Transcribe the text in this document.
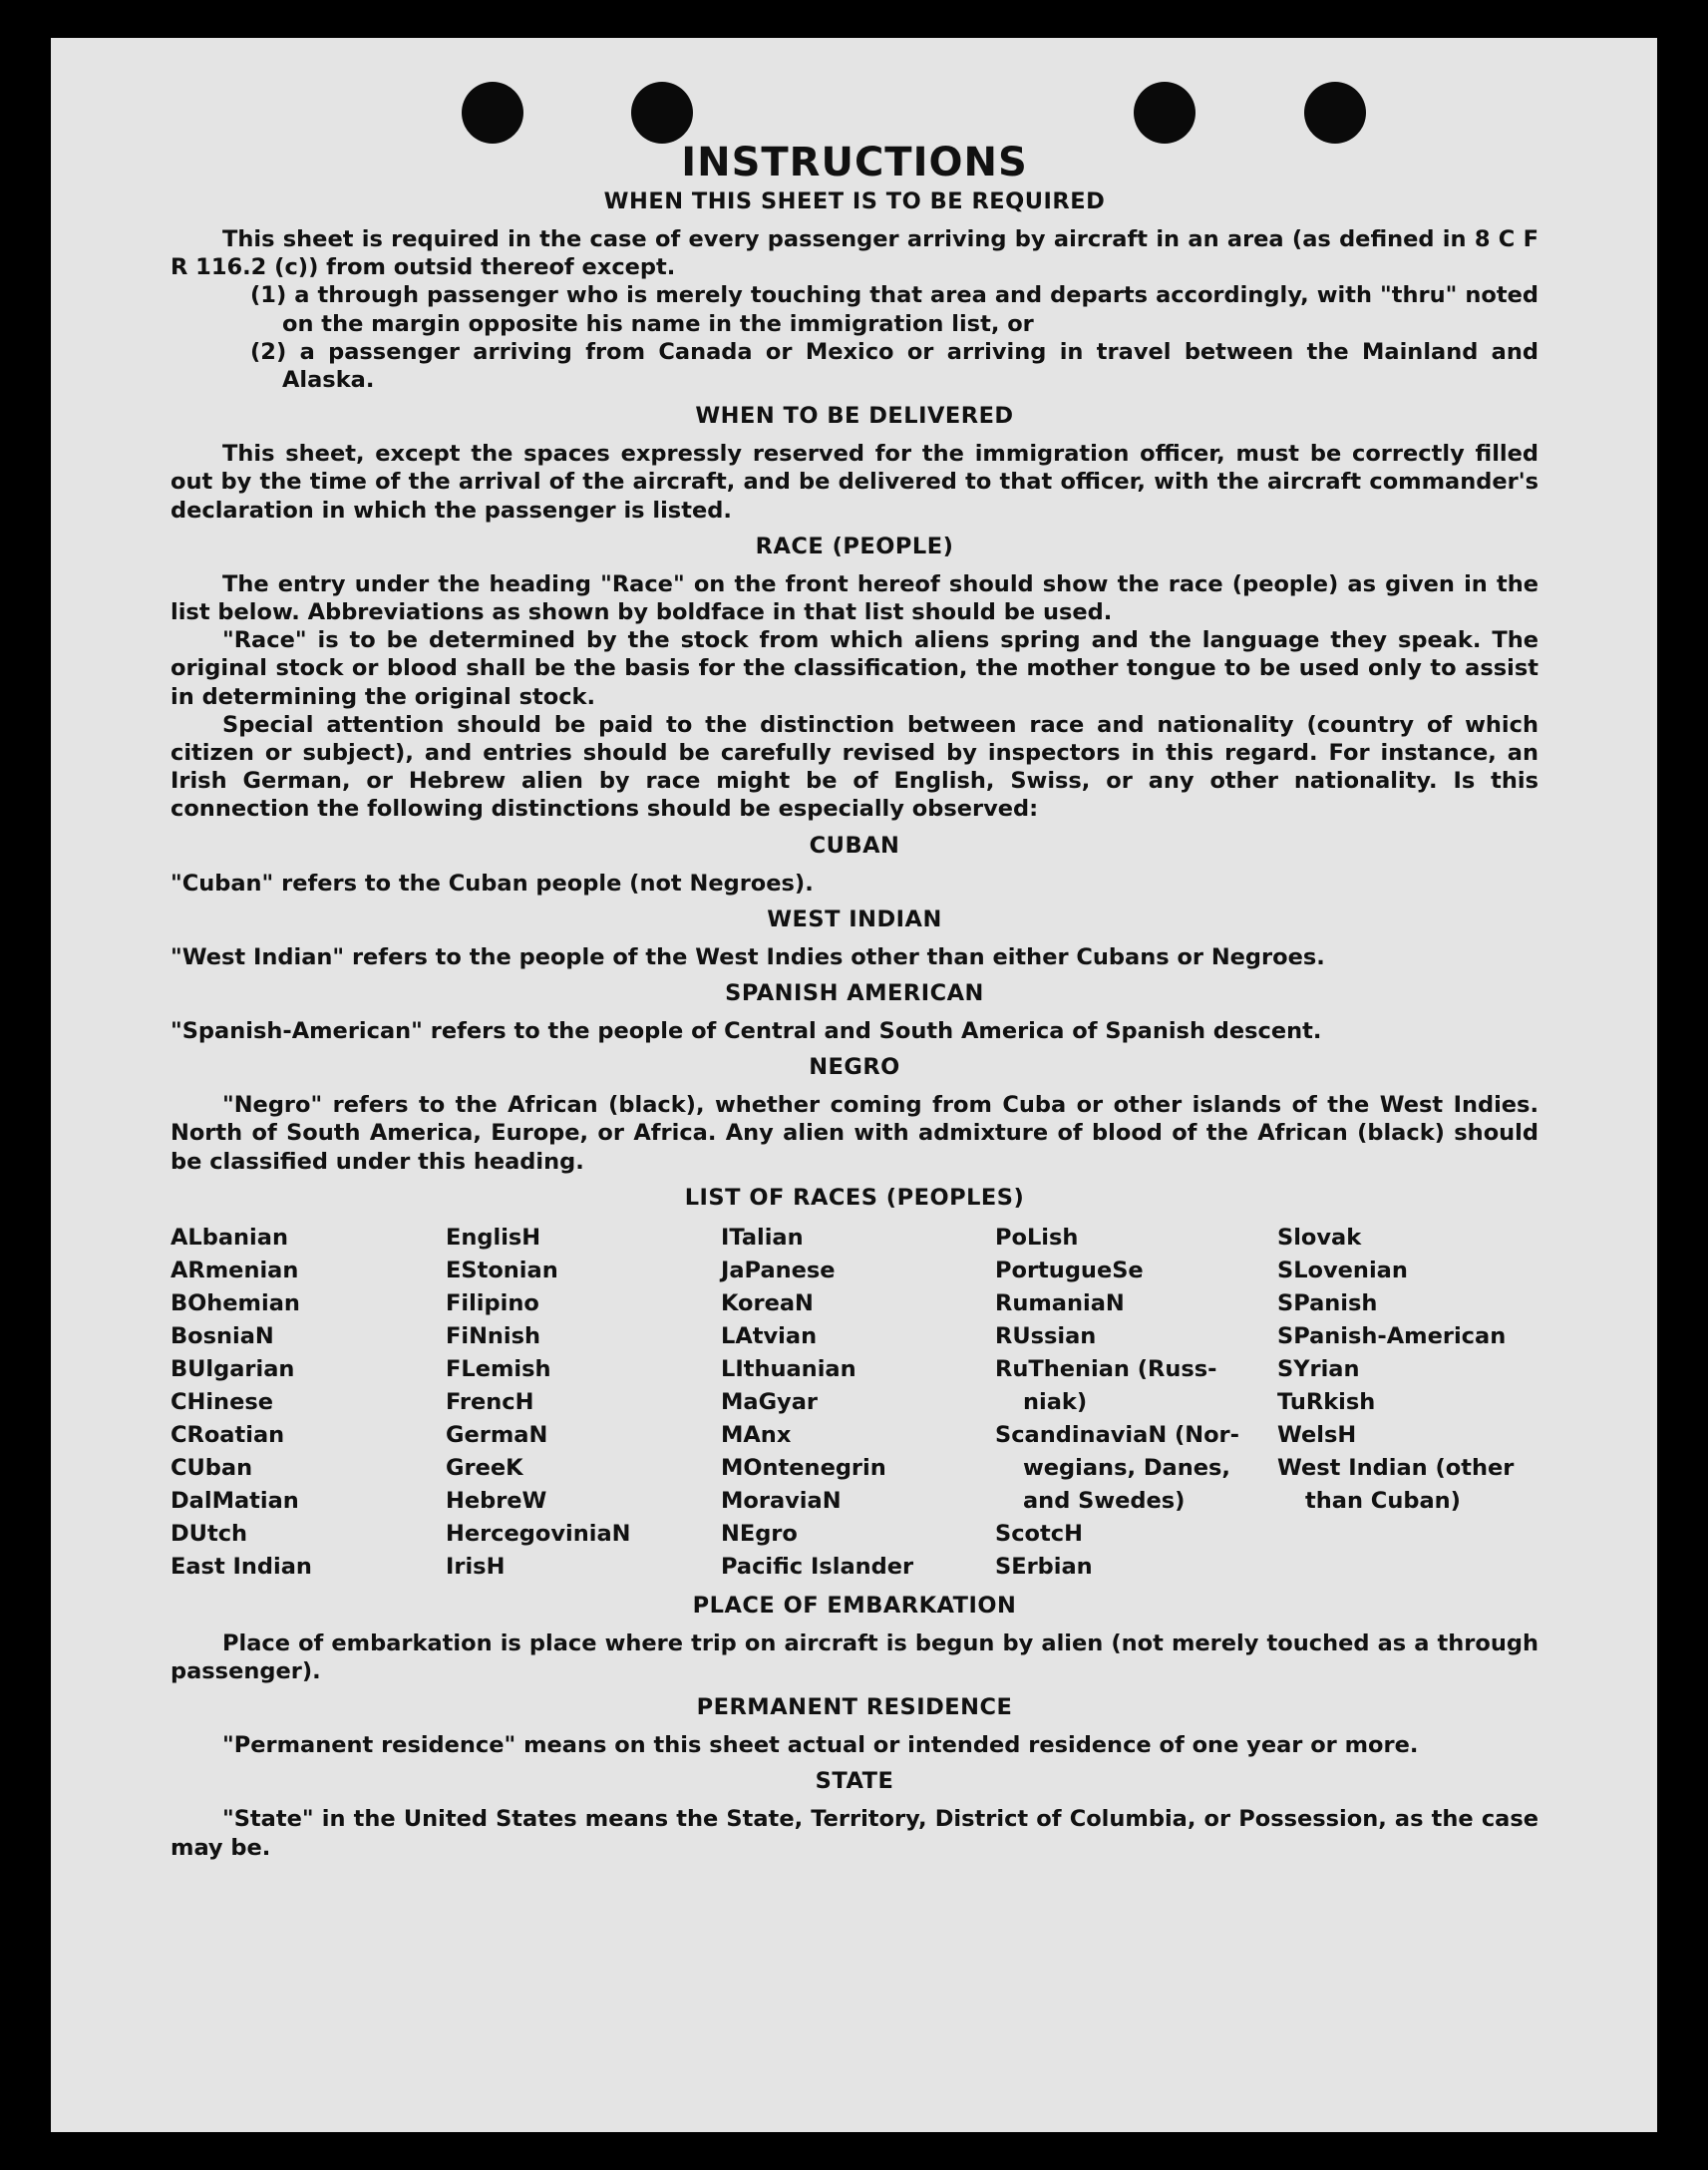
INSTRUCTIONS
WHEN THIS SHEET IS TO BE REQUIRED

This sheet is required in the case of every passenger arriving by aircraft in an area (as defined in 8 C F R 116.2 (c)) from outsid thereof except.

(1) a through passenger who is merely touching that area and departs accordingly, with "thru" noted on the margin opposite his name in the immigration list, or

(2) a passenger arriving from Canada or Mexico or arriving in travel between the Mainland and Alaska.

WHEN TO BE DELIVERED

This sheet, except the spaces expressly reserved for the immigration officer, must be correctly filled out by the time of the arrival of the aircraft, and be delivered to that officer, with the aircraft commander's declaration in which the passenger is listed.

RACE (PEOPLE)

The entry under the heading "Race" on the front hereof should show the race (people) as given in the list below. Abbreviations as shown by boldface in that list should be used.

"Race" is to be determined by the stock from which aliens spring and the language they speak. The original stock or blood shall be the basis for the classification, the mother tongue to be used only to assist in determining the original stock.

Special attention should be paid to the distinction between race and nationality (country of which citizen or subject), and entries should be carefully revised by inspectors in this regard. For instance, an Irish German, or Hebrew alien by race might be of English, Swiss, or any other nationality. Is this connection the following distinctions should be especially observed:

CUBAN

"Cuban" refers to the Cuban people (not Negroes).

WEST INDIAN

"West Indian" refers to the people of the West Indies other than either Cubans or Negroes.

SPANISH AMERICAN

"Spanish-American" refers to the people of Central and South America of Spanish descent.

NEGRO

"Negro" refers to the African (black), whether coming from Cuba or other islands of the West Indies. North of South America, Europe, or Africa. Any alien with admixture of blood of the African (black) should be classified under this heading.

LIST OF RACES (PEOPLES)
ALbanian
ARmenian
BOhemian
BosniaN
BUlgarian
CHinese
CRoatian
CUban
DalMatian
DUtch
East Indian
EnglisH
EStonian
Filipino
FiNnish
FLemish
FrencH
GermaN
GreeK
HebreW
HercegoviniaN
IrisH
ITalian
JaPanese
KoreaN
LAtvian
LIthuanian
MaGyar
MAnx
MOntenegrin
MoraviaN
NEgro
Pacific Islander
PoLish
PortugueSe
RumaniaN
RUssian
RuThenian (Russ-
niak)
ScandinaviaN (Nor-
wegians, Danes,
and Swedes)
ScotcH
SErbian
Slovak
SLovenian
SPanish
SPanish-American
SYrian
TuRkish
WelsH
West Indian (other
than Cuban)
PLACE OF EMBARKATION

Place of embarkation is place where trip on aircraft is begun by alien (not merely touched as a through passenger).

PERMANENT RESIDENCE

"Permanent residence" means on this sheet actual or intended residence of one year or more.

STATE

"State" in the United States means the State, Territory, District of Columbia, or Possession, as the case may be.
